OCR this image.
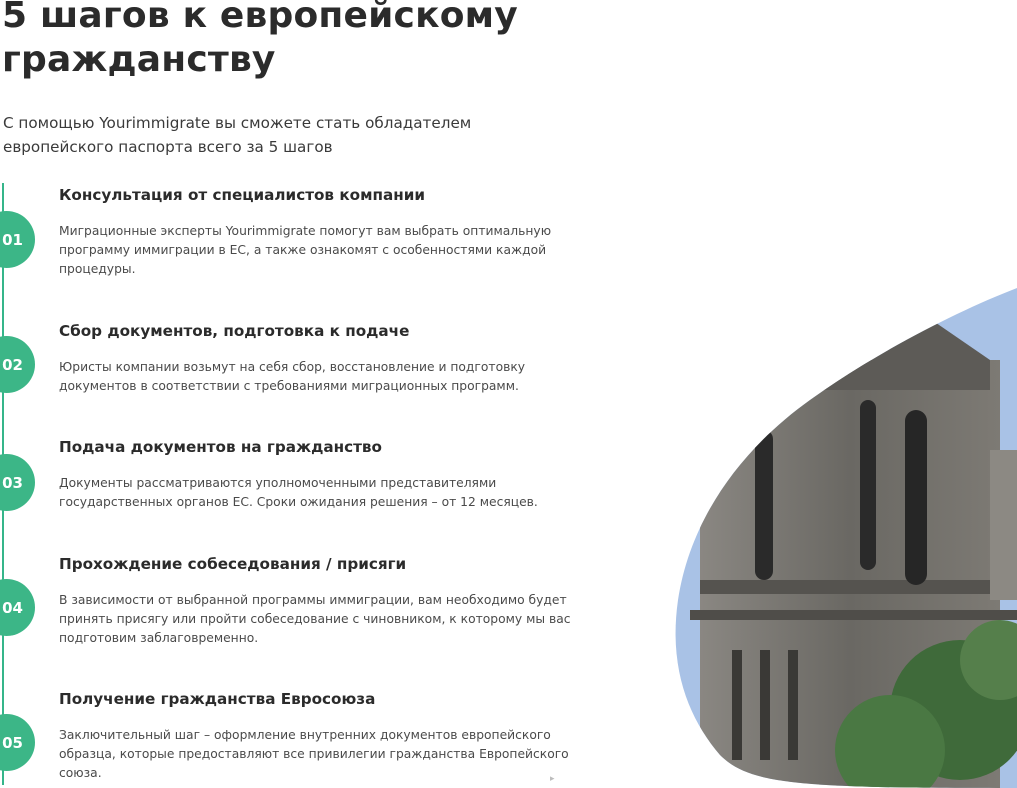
5 шагов к европейскому гражданству

С помощью Yourimmigrate вы сможете стать обладателем европейского паспорта всего за 5 шагов

01
Консультация от специалистов компании

Миграционные эксперты Yourimmigrate помогут вам выбрать оптимальную программу иммиграции в ЕС, а также ознакомят с особенностями каждой процедуры.

02
Сбор документов, подготовка к подаче

Юристы компании возьмут на себя сбор, восстановление и подготовку документов в соответствии с требованиями миграционных программ.

03
Подача документов на гражданство

Документы рассматриваются уполномоченными представителями государственных органов ЕС. Сроки ожидания решения – от 12 месяцев.

04
Прохождение собеседования / присяги

В зависимости от выбранной программы иммиграции, вам необходимо будет принять присягу или пройти собеседование с чиновником, к которому мы вас подготовим заблаговременно.

05
Получение гражданства Евросоюза

Заключительный шаг – оформление внутренних документов европейского образца, которые предоставляют все привилегии гражданства Европейского союза.	▸
